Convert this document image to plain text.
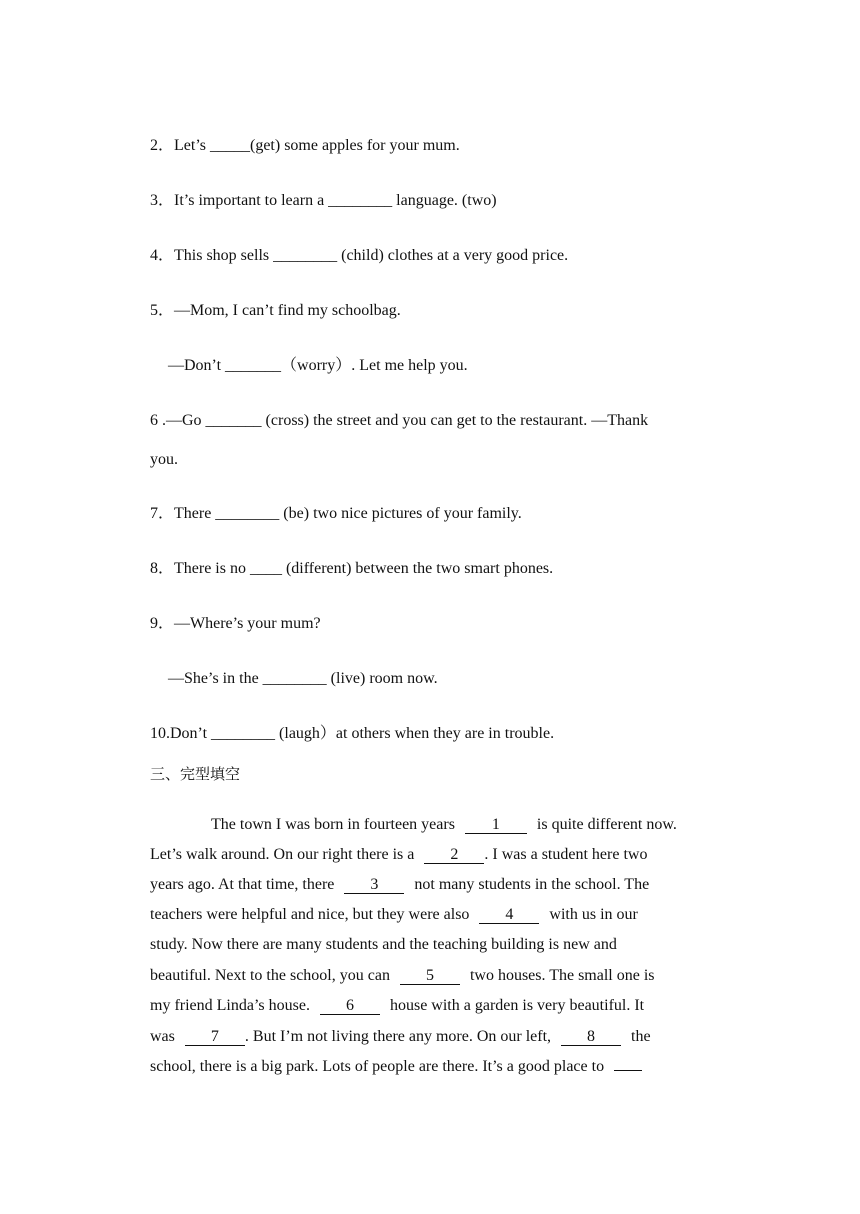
2．Let’s _____(get) some apples for your mum.
3．It’s important to learn a ________ language. (two)
4．This shop sells ________ (child) clothes at a very good price.
5．—Mom, I can’t find my schoolbag.
—Don’t _______（worry）. Let me help you.
6 .—Go _______ (cross) the street and you can get to the restaurant. —Thank
you.
7．There ________ (be) two nice pictures of your family.
8．There is no ____ (different) between the two smart phones.
9．—Where’s your mum?
—She’s in the ________ (live) room now.
10.Don’t ________ (laugh）at others when they are in trouble.
三、完型填空
The town I was born in fourteen years 1 is quite different now.
Let’s walk around. On our right there is a 2 . I was a student here two
years ago. At that time, there 3 not many students in the school. The
teachers were helpful and nice, but they were also 4 with us in our
study. Now there are many students and the teaching building is new and
beautiful. Next to the school, you can 5 two houses. The small one is
my friend Linda’s house. 6 house with a garden is very beautiful. It
was 7 . But I’m not living there any more. On our left, 8 the
school, there is a big park. Lots of people are there. It’s a good place to
